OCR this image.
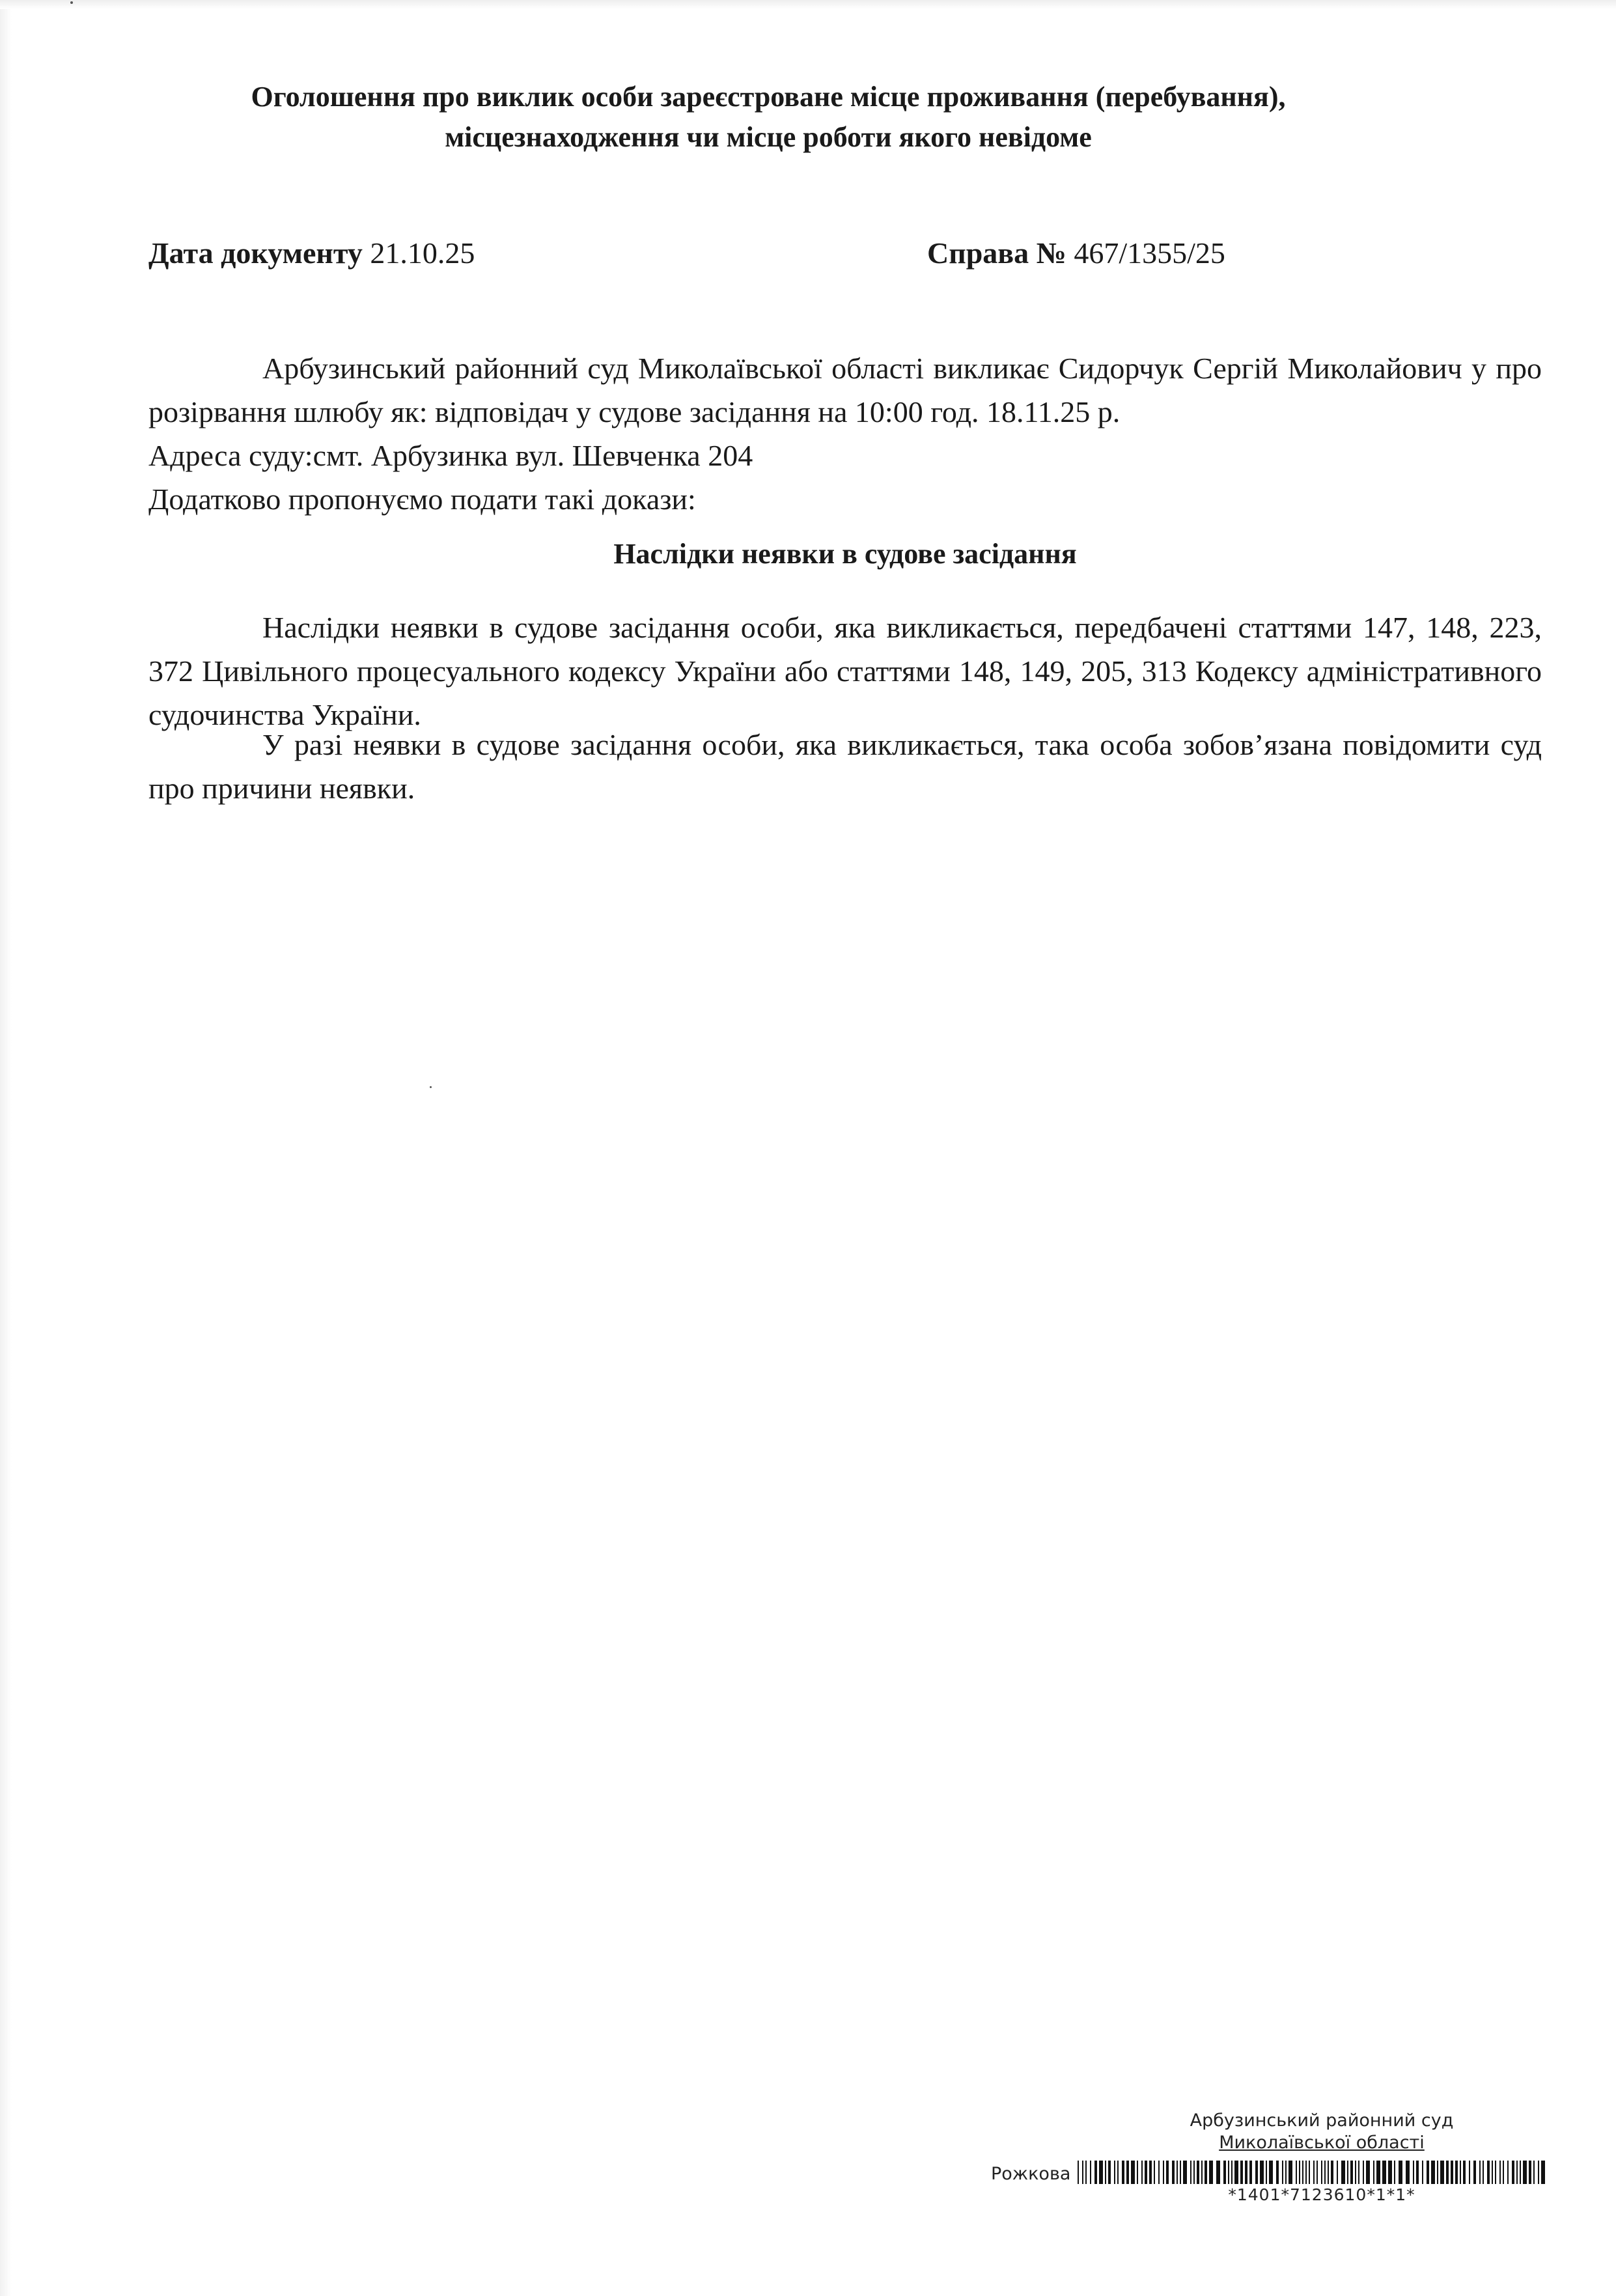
Оголошення про виклик особи зареєстроване місце проживання (перебування),
місцезнаходження чи місце роботи якого невідоме
Дата документу 21.10.25	Справа № 467/1355/25
Арбузинський районний суд Миколаївської області викликає Сидорчук Сергій Миколайович у про розірвання шлюбу як: відповідач у судове засідання на 10:00 год. 18.11.25 р.
Адреса суду:смт. Арбузинка вул. Шевченка 204
Додатково пропонуємо подати такі докази:
Наслідки неявки в судове засідання
Наслідки неявки в судове засідання особи, яка викликається, передбачені статтями 147, 148, 223, 372 Цивільного процесуального кодексу України або статтями 148, 149, 205, 313 Кодексу адміністративного судочинства України.
У разі неявки в судове засідання особи, яка викликається, така особа зобов’язана повідомити суд про причини неявки.
Арбузинський районний суд
Миколаївської області
Рожкова
*1401*7123610*1*1*
